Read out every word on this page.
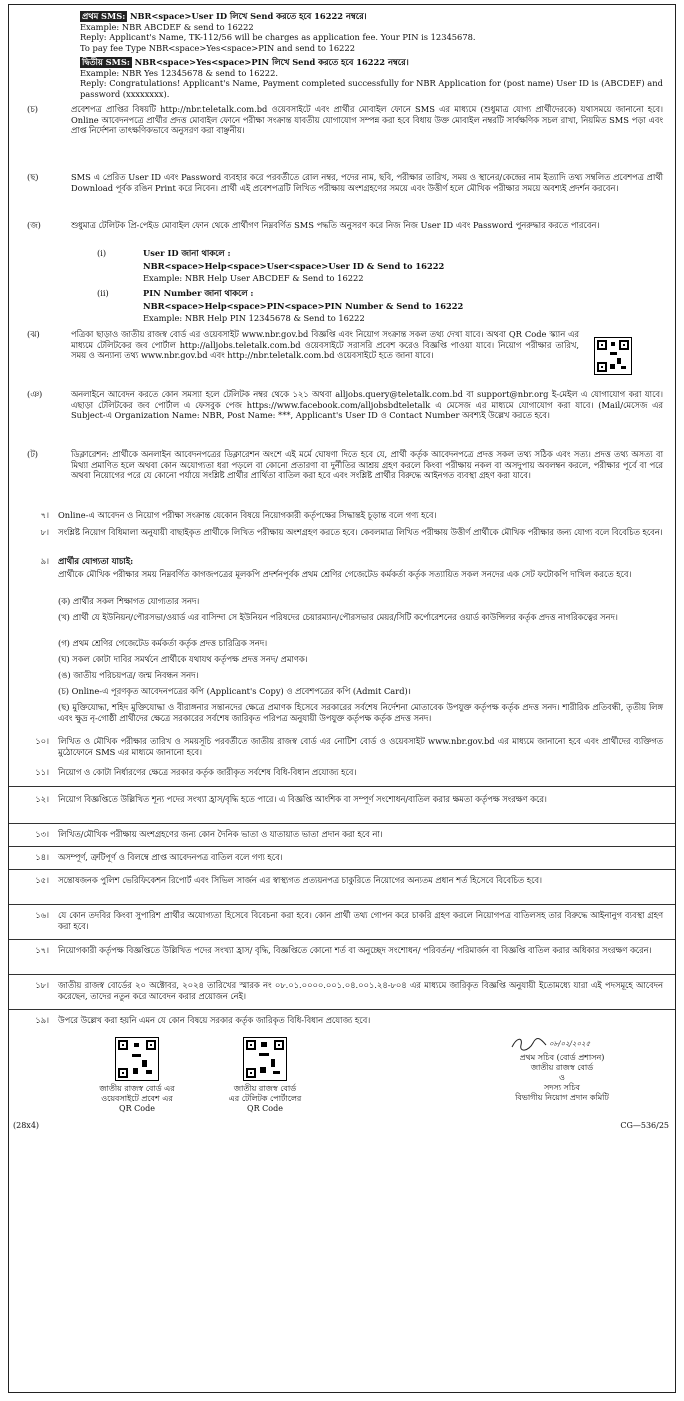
প্রথম SMS: NBR<space>User ID লিখে Send করতে হবে 16222 নম্বরে।
Example: NBR ABCDEF & send to 16222
Reply: Applicant's Name, TK-112/56 will be charges as application fee. Your PIN is 12345678.
To pay fee Type NBR<space>Yes<space>PIN and send to 16222
দ্বিতীয় SMS: NBR<space>Yes<space>PIN লিখে Send করতে হবে 16222 নম্বরে।
Example: NBR Yes 12345678 & send to 16222.
Reply: Congratulations! Applicant's Name, Payment completed successfully for NBR Application for (post name) User ID is (ABCDEF) and password (xxxxxxxx).
(চ)	প্রবেশপত্র প্রাপ্তির বিষয়টি http://nbr.teletalk.com.bd ওয়েবসাইটে এবং প্রার্থীর মোবাইল ফোনে SMS এর মাধ্যমে (শুধুমাত্র যোগ্য প্রার্থীদেরকে) যথাসময়ে জানানো হবে। Online আবেদনপত্রে প্রার্থীর প্রদত্ত মোবাইল ফোনে পরীক্ষা সংক্রান্ত যাবতীয় যোগাযোগ সম্পন্ন করা হবে বিধায় উক্ত মোবাইল নম্বরটি সার্বক্ষণিক সচল রাখা, নিয়মিত SMS পড়া এবং প্রাপ্ত নির্দেশনা তাৎক্ষণিকভাবে অনুসরণ করা বাঞ্ছনীয়।
(ছ)	SMS এ প্রেরিত User ID এবং Password ব্যবহার করে পরবর্তীতে রোল নম্বর, পদের নাম, ছবি, পরীক্ষার তারিখ, সময় ও স্থানের/কেন্দ্রের নাম ইত্যাদি তথ্য সম্বলিত প্রবেশপত্র প্রার্থী Download পূর্বক রঙিন Print করে নিবেন। প্রার্থী এই প্রবেশপত্রটি লিখিত পরীক্ষায় অংশগ্রহণের সময়ে এবং উত্তীর্ণ হলে মৌখিক পরীক্ষার সময়ে অবশ্যই প্রদর্শন করবেন।
(জ)	শুধুমাত্র টেলিটক প্রি-পেইড মোবাইল ফোন থেকে প্রার্থীগণ নিম্নবর্ণিত SMS পদ্ধতি অনুসরণ করে নিজ নিজ User ID এবং Password পুনরুদ্ধার করতে পারবেন।
(i)	User ID জানা থাকলে :
NBR<space>Help<space>User<space>User ID & Send to 16222
Example: NBR Help User ABCDEF & Send to 16222
(ii)	PIN Number জানা থাকলে :
NBR<space>Help<space>PIN<space>PIN Number & Send to 16222
Example: NBR Help PIN 12345678 & Send to 16222
(ঝ)	পত্রিকা ছাড়াও জাতীয় রাজস্ব বোর্ড এর ওয়েবসাইট www.nbr.gov.bd বিজ্ঞপ্তি এবং নিয়োগ সংক্রান্ত সকল তথ্য দেখা যাবে। অথবা QR Code স্ক্যান এর মাধ্যমে টেলিটকের জব পোর্টাল http://alljobs.teletalk.com.bd ওয়েবসাইটে সরাসরি প্রবেশ করেও বিজ্ঞপ্তি পাওয়া যাবে। নিয়োগ পরীক্ষার তারিখ, সময় ও অন্যান্য তথ্য www.nbr.gov.bd এবং http://nbr.teletalk.com.bd ওয়েবসাইটে হতে জানা যাবে।
(ঞ)	অনলাইনে আবেদন করতে কোন সমস্যা হলে টেলিটক নম্বর থেকে ১২১ অথবা alljobs.query@teletalk.com.bd বা support@nbr.org ই-মেইল এ যোগাযোগ করা যাবে। এছাড়া টেলিটকের জব পোর্টাল এ ফেসবুক পেজ https://www.facebook.com/alljobsbdteletalk এ মেসেজ এর মাধ্যমে যোগাযোগ করা যাবে। (Mail/মেসেজ এর Subject-এ Organization Name: NBR, Post Name: ***, Applicant's User ID ও Contact Number অবশ্যই উল্লেখ করতে হবে।
(ট)	ডিক্লারেশন: প্রার্থীকে অনলাইন আবেদনপত্রের ডিক্লারেশন অংশে এই মর্মে ঘোষণা দিতে হবে যে, প্রার্থী কর্তৃক আবেদনপত্রে প্রদত্ত সকল তথ্য সঠিক এবং সত্য। প্রদত্ত তথ্য অসত্য বা মিথ্যা প্রমাণিত হলে অথবা কোন অযোগ্যতা ধরা পড়লে বা কোনো প্রতারণা বা দুর্নীতির আশ্রয় গ্রহণ করলে কিংবা পরীক্ষায় নকল বা অসদুপায় অবলম্বন করলে, পরীক্ষার পূর্বে বা পরে অথবা নিয়োগের পরে যে কোনো পর্যায়ে সংশ্লিষ্ট প্রার্থীর প্রার্থিতা বাতিল করা হবে এবং সংশ্লিষ্ট প্রার্থীর বিরুদ্ধে আইনগত ব্যবস্থা গ্রহণ করা যাবে।
৭। Online-এ আবেদন ও নিয়োগ পরীক্ষা সংক্রান্ত যেকোন বিষয়ে নিয়োগকারী কর্তৃপক্ষের সিদ্ধান্তই চূড়ান্ত বলে গণ্য হবে।
৮। সংশ্লিষ্ট নিয়োগ বিধিমালা অনুযায়ী বাছাইকৃত প্রার্থীকে লিখিত পরীক্ষায় অংশগ্রহণ করতে হবে। কেবলমাত্র লিখিত পরীক্ষায় উত্তীর্ণ প্রার্থীকে মৌখিক পরীক্ষার জন্য যোগ্য বলে বিবেচিত হবেন।
৯। প্রার্থীর যোগ্যতা যাচাই:
প্রার্থীকে মৌখিক পরীক্ষার সময় নিম্নবর্ণিত কাগজপত্রের মূলকপি প্রদর্শনপূর্বক প্রথম শ্রেণির গেজেটেড কর্মকর্তা কর্তৃক সত্যায়িত সকল সনদের এক সেট ফটোকপি দাখিল করতে হবে।
(ক) প্রার্থীর সকল শিক্ষাগত যোগ্যতার সনদ।
(খ) প্রার্থী যে ইউনিয়ন/পৌরসভা/ওয়ার্ড এর বাসিন্দা সে ইউনিয়ন পরিষদের চেয়ারম্যান/পৌরসভার মেয়র/সিটি কর্পোরেশনের ওয়ার্ড কাউন্সিলর কর্তৃক প্রদত্ত নাগরিকত্বের সনদ।
(গ) প্রথম শ্রেণির গেজেটেড কর্মকর্তা কর্তৃক প্রদত্ত চারিত্রিক সনদ।
(ঘ) সকল কোটা দাবির সমর্থনে প্রার্থীকে যথাযথ কর্তৃপক্ষ প্রদত্ত সনদ/ প্রমাণক।
(ঙ) জাতীয় পরিচয়পত্র/ জন্ম নিবন্ধন সনদ।
(চ) Online-এ পূরণকৃত আবেদনপত্রের কপি (Applicant's Copy) ও প্রবেশপত্রের কপি (Admit Card)।
(ছ) মুক্তিযোদ্ধা, শহিদ মুক্তিযোদ্ধা ও বীরাঙ্গনার সন্তানদের ক্ষেত্রে প্রমাণক হিসেবে সরকারের সর্বশেষ নির্দেশনা মোতাবেক উপযুক্ত কর্তৃপক্ষ কর্তৃক প্রদত্ত সনদ। শারীরিক প্রতিবন্ধী, তৃতীয় লিঙ্গ এবং ক্ষুদ্র নৃ-গোষ্ঠী প্রার্থীদের ক্ষেত্রে সরকারের সর্বশেষ জারিকৃত পরিপত্র অনুযায়ী উপযুক্ত কর্তৃপক্ষ কর্তৃক প্রদত্ত সনদ।
১০। লিখিত ও মৌখিক পরীক্ষার তারিখ ও সময়সূচি পরবর্তীতে জাতীয় রাজস্ব বোর্ড এর নোটিশ বোর্ড ও ওয়েবসাইট www.nbr.gov.bd এর মাধ্যমে জানানো হবে এবং প্রার্থীদের ব্যক্তিগত মুঠোফোনে SMS এর মাধ্যমে জানানো হবে।
১১। নিয়োগ ও কোটা নির্ধারণের ক্ষেত্রে সরকার কর্তৃক জারীকৃত সর্বশেষ বিধি-বিধান প্রযোজ্য হবে।
১২। নিয়োগ বিজ্ঞপ্তিতে উল্লিখিত শূন্য পদের সংখ্যা হ্রাস/বৃদ্ধি হতে পারে। এ বিজ্ঞপ্তি আংশিক বা সম্পূর্ণ সংশোধন/বাতিল করার ক্ষমতা কর্তৃপক্ষ সংরক্ষণ করে।
১৩। লিখিত/মৌখিক পরীক্ষায় অংশগ্রহণের জন্য কোন দৈনিক ভাতা ও যাতায়াত ভাতা প্রদান করা হবে না।
১৪। অসম্পূর্ণ, ত্রুটিপূর্ণ ও বিলম্বে প্রাপ্ত আবেদনপত্র বাতিল বলে গণ্য হবে।
১৫। সন্তোষজনক পুলিশ ভেরিফিকেশন রিপোর্ট এবং সিভিল সার্জন এর স্বাস্থ্যগত প্রত্যয়নপত্র চাকুরিতে নিয়োগের অন্যতম প্রধান শর্ত হিসেবে বিবেচিত হবে।
১৬। যে কোন তদবির কিংবা সুপারিশ প্রার্থীর অযোগ্যতা হিসেবে বিবেচনা করা হবে। কোন প্রার্থী তথ্য গোপন করে চাকরি গ্রহণ করলে নিয়োগপত্র বাতিলসহ তার বিরুদ্ধে আইনানুগ ব্যবস্থা গ্রহণ করা হবে।
১৭। নিয়োগকারী কর্তৃপক্ষ বিজ্ঞপ্তিতে উল্লিখিত পদের সংখ্যা হ্রাস/ বৃদ্ধি, বিজ্ঞপ্তিতে কোনো শর্ত বা অনুচ্ছেদ সংশোধন/ পরিবর্তন/ পরিমার্জন বা বিজ্ঞপ্তি বাতিল করার অধিকার সংরক্ষণ করেন।
১৮। জাতীয় রাজস্ব বোর্ডের ২০ অক্টোবর, ২০২৪ তারিখের স্মারক নং ০৮.০১.০০০০.০০১.০৪.০০১.২৪-৮০৪ এর মাধ্যমে জারিকৃত বিজ্ঞপ্তি অনুযায়ী ইতোমধ্যে যারা এই পদসমূহে আবেদন করেছেন, তাদের নতুন করে আবেদন করার প্রয়োজন নেই।
১৯। উপরে উল্লেখ করা হয়নি এমন যে কোন বিষয়ে সরকার কর্তৃক জারিকৃত বিধি-বিধান প্রযোজ্য হবে।
জাতীয় রাজস্ব বোর্ড এর
ওয়েবসাইটে প্রবেশ এর
QR Code
জাতীয় রাজস্ব বোর্ড
এর টেলিটক পোর্টালের
QR Code
০৮/০২/২০২৫
প্রথম সচিব (বোর্ড প্রশাসন)
জাতীয় রাজস্ব বোর্ড
ও
সদস্য সচিব
বিভাগীয় নিয়োগ প্রদান কমিটি
(28x4)	CG—536/25
